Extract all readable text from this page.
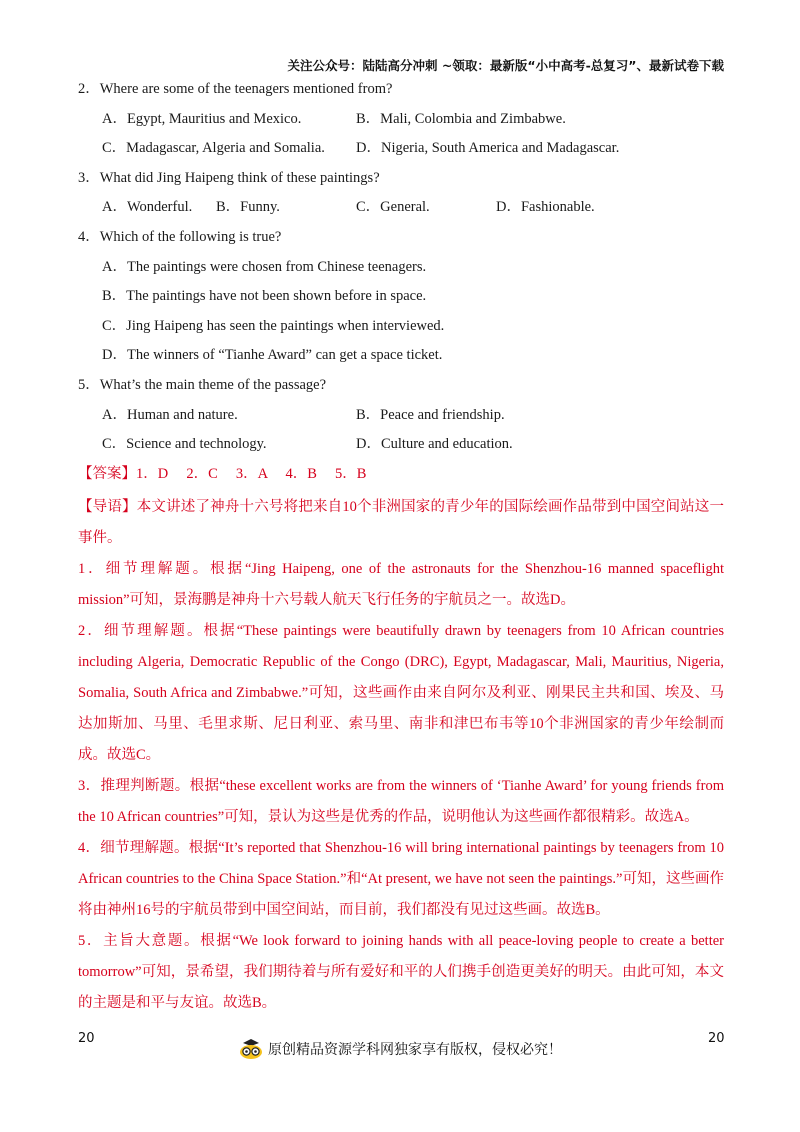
关注公众号：陆陆高分冲刺 ~领取：最新版“小中高考-总复习”、最新试卷下载
2．Where are some of the teenagers mentioned from?
A．Egypt, Mauritius and Mexico.	B．Mali, Colombia and Zimbabwe.
C．Madagascar, Algeria and Somalia. D．Nigeria, South America and Madagascar.
3．What did Jing Haipeng think of these paintings?
A．Wonderful. B．Funny.	C．General.	D．Fashionable.
4．Which of the following is true?
A．The paintings were chosen from Chinese teenagers.
B．The paintings have not been shown before in space.
C．Jing Haipeng has seen the paintings when interviewed.
D．The winners of “Tianhe Award” can get a space ticket.
5．What’s the main theme of the passage?
A．Human and nature.	B．Peace and friendship.
C．Science and technology.	D．Culture and education.
【答案】1．D　 2．C　 3．A　 4．B　 5．B

【导语】本文讲述了神舟十六号将把来自10个非洲国家的青少年的国际绘画作品带到中国空间站这一事件。

1．细节理解题。根据“Jing Haipeng, one of the astronauts for the Shenzhou-16 manned spaceflight mission”可知，景海鹏是神舟十六号载人航天飞行任务的宇航员之一。故选D。

2．细节理解题。根据“These paintings were beautifully drawn by teenagers from 10 African countries including Algeria, Democratic Republic of the Congo (DRC), Egypt, Madagascar, Mali, Mauritius, Nigeria, Somalia, South Africa and Zimbabwe.”可知，这些画作由来自阿尔及利亚、刚果民主共和国、埃及、马达加斯加、马里、毛里求斯、尼日利亚、索马里、南非和津巴布韦等10个非洲国家的青少年绘制而成。故选C。

3．推理判断题。根据“these excellent works are from the winners of ‘Tianhe Award’ for young friends from the 10 African countries”可知，景认为这些是优秀的作品，说明他认为这些画作都很精彩。故选A。

4．细节理解题。根据“It’s reported that Shenzhou-16 will bring international paintings by teenagers from 10 African countries to the China Space Station.”和“At present, we have not seen the paintings.”可知，这些画作将由神州16号的宇航员带到中国空间站，而目前，我们都没有见过这些画。故选B。

5．主旨大意题。根据“We look forward to joining hands with all peace-loving people to create a better tomorrow”可知，景希望，我们期待着与所有爱好和平的人们携手创造更美好的明天。由此可知，本文的主题是和平与友谊。故选B。

20	20
原创精品资源学科网独家享有版权，侵权必究！
